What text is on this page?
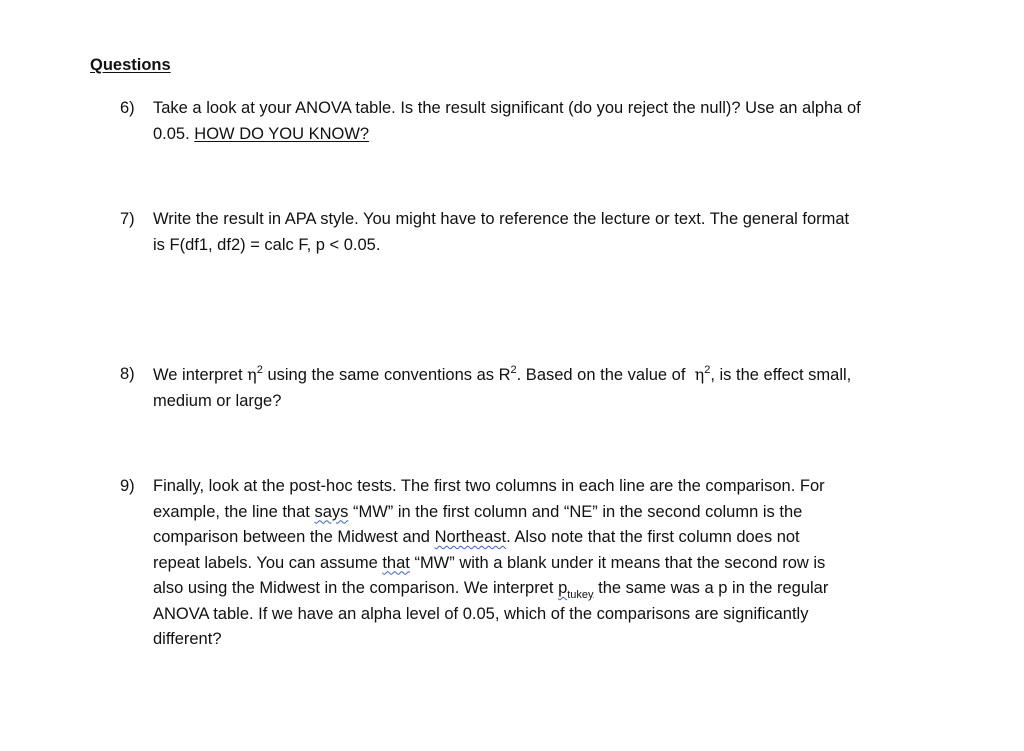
Questions
6) Take a look at your ANOVA table. Is the result significant (do you reject the null)? Use an alpha of
0.05. HOW DO YOU KNOW?
7) Write the result in APA style. You might have to reference the lecture or text. The general format
is F(df1, df2) = calc F, p < 0.05.
8) We interpret $\eta^2$ using the same conventions as $R^2$. Based on the value of  $\eta^2$, is the effect small,
medium or large?
9) Finally, look at the post-hoc tests. The first two columns in each line are the comparison. For
example, the line that says “MW” in the first column and “NE” in the second column is the
comparison between the Midwest and Northeast. Also note that the first column does not
repeat labels. You can assume that “MW” with a blank under it means that the second row is
also using the Midwest in the comparison. We interpret $p_{tukey}$ the same was a p in the regular
ANOVA table. If we have an alpha level of 0.05, which of the comparisons are significantly
different?
